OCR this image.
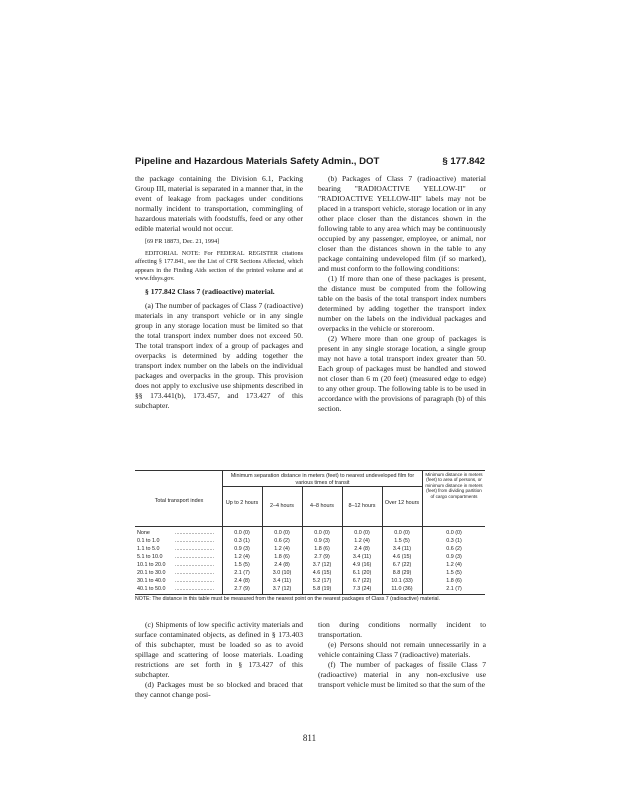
Pipeline and Hazardous Materials Safety Admin., DOT	§ 177.842

the package containing the Division 6.1, Packing Group III, material is separated in a manner that, in the event of leakage from packages under conditions normally incident to transportation, commingling of hazardous materials with foodstuffs, feed or any other edible material would not occur.

[69 FR 18873, Dec. 21, 1994]

EDITORIAL NOTE: For FEDERAL REGISTER citations affecting § 177.841, see the List of CFR Sections Affected, which appears in the Finding Aids section of the printed volume and at www.fdsys.gov.

§ 177.842 Class 7 (radioactive) material.

(a) The number of packages of Class 7 (radioactive) materials in any transport vehicle or in any single group in any storage location must be limited so that the total transport index number does not exceed 50. The total transport index of a group of packages and overpacks is determined by adding together the transport index number on the labels on the individual packages and overpacks in the group. This provision does not apply to exclusive use shipments described in §§ 173.441(b), 173.457, and 173.427 of this subchapter.

(b) Packages of Class 7 (radioactive) material bearing "RADIOACTIVE YELLOW-II" or "RADIOACTIVE YELLOW-III" labels may not be placed in a transport vehicle, storage location or in any other place closer than the distances shown in the following table to any area which may be continuously occupied by any passenger, employee, or animal, nor closer than the distances shown in the table to any package containing undeveloped film (if so marked), and must conform to the following conditions:

(1) If more than one of these packages is present, the distance must be computed from the following table on the basis of the total transport index numbers determined by adding together the transport index number on the labels on the individual packages and overpacks in the vehicle or storeroom.

(2) Where more than one group of packages is present in any single storage location, a single group may not have a total transport index greater than 50. Each group of packages must be handled and stowed not closer than 6 m (20 feet) (measured edge to edge) to any other group. The following table is to be used in accordance with the provisions of paragraph (b) of this section.

Minimum separation distance in meters (feet) to nearest undeveloped film for various times of transit
Total transport index	Up to 2 hours	2–4 hours	4–8 hours	8–12 hours	Over 12 hours
Minimum distance in meters (feet) to area of persons, or minimum distance in meters (feet) from dividing partition of cargo compartments
None	..........................	0.0 (0)	0.0 (0)	0.0 (0)	0.0 (0)	0.0 (0)	0.0 (0)
0.1 to 1.0	..........................	0.3 (1)	0.6 (2)	0.9 (3)	1.2 (4)	1.5 (5)	0.3 (1)
1.1 to 5.0	..........................	0.9 (3)	1.2 (4)	1.8 (6)	2.4 (8)	3.4 (11)	0.6 (2)
5.1 to 10.0	..........................	1.2 (4)	1.8 (6)	2.7 (9)	3.4 (11)	4.6 (15)	0.9 (3)
10.1 to 20.0	..........................	1.5 (5)	2.4 (8)	3.7 (12)	4.9 (16)	6.7 (22)	1.2 (4)
20.1 to 30.0	..........................	2.1 (7)	3.0 (10)	4.6 (15)	6.1 (20)	8.8 (29)	1.5 (5)
30.1 to 40.0	..........................	2.4 (8)	3.4 (11)	5.2 (17)	6.7 (22)	10.1 (33)	1.8 (6)
40.1 to 50.0	..........................	2.7 (9)	3.7 (12)	5.8 (19)	7.3 (24)	11.0 (36)	2.1 (7)
NOTE: The distance in this table must be measured from the nearest point on the nearest packages of Class 7 (radioactive) material.

(c) Shipments of low specific activity materials and surface contaminated objects, as defined in § 173.403 of this subchapter, must be loaded so as to avoid spillage and scattering of loose materials. Loading restrictions are set forth in § 173.427 of this subchapter.

(d) Packages must be so blocked and braced that they cannot change posi-

tion during conditions normally incident to transportation.

(e) Persons should not remain unnecessarily in a vehicle containing Class 7 (radioactive) materials.

(f) The number of packages of fissile Class 7 (radioactive) material in any non-exclusive use transport vehicle must be limited so that the sum of the

811
